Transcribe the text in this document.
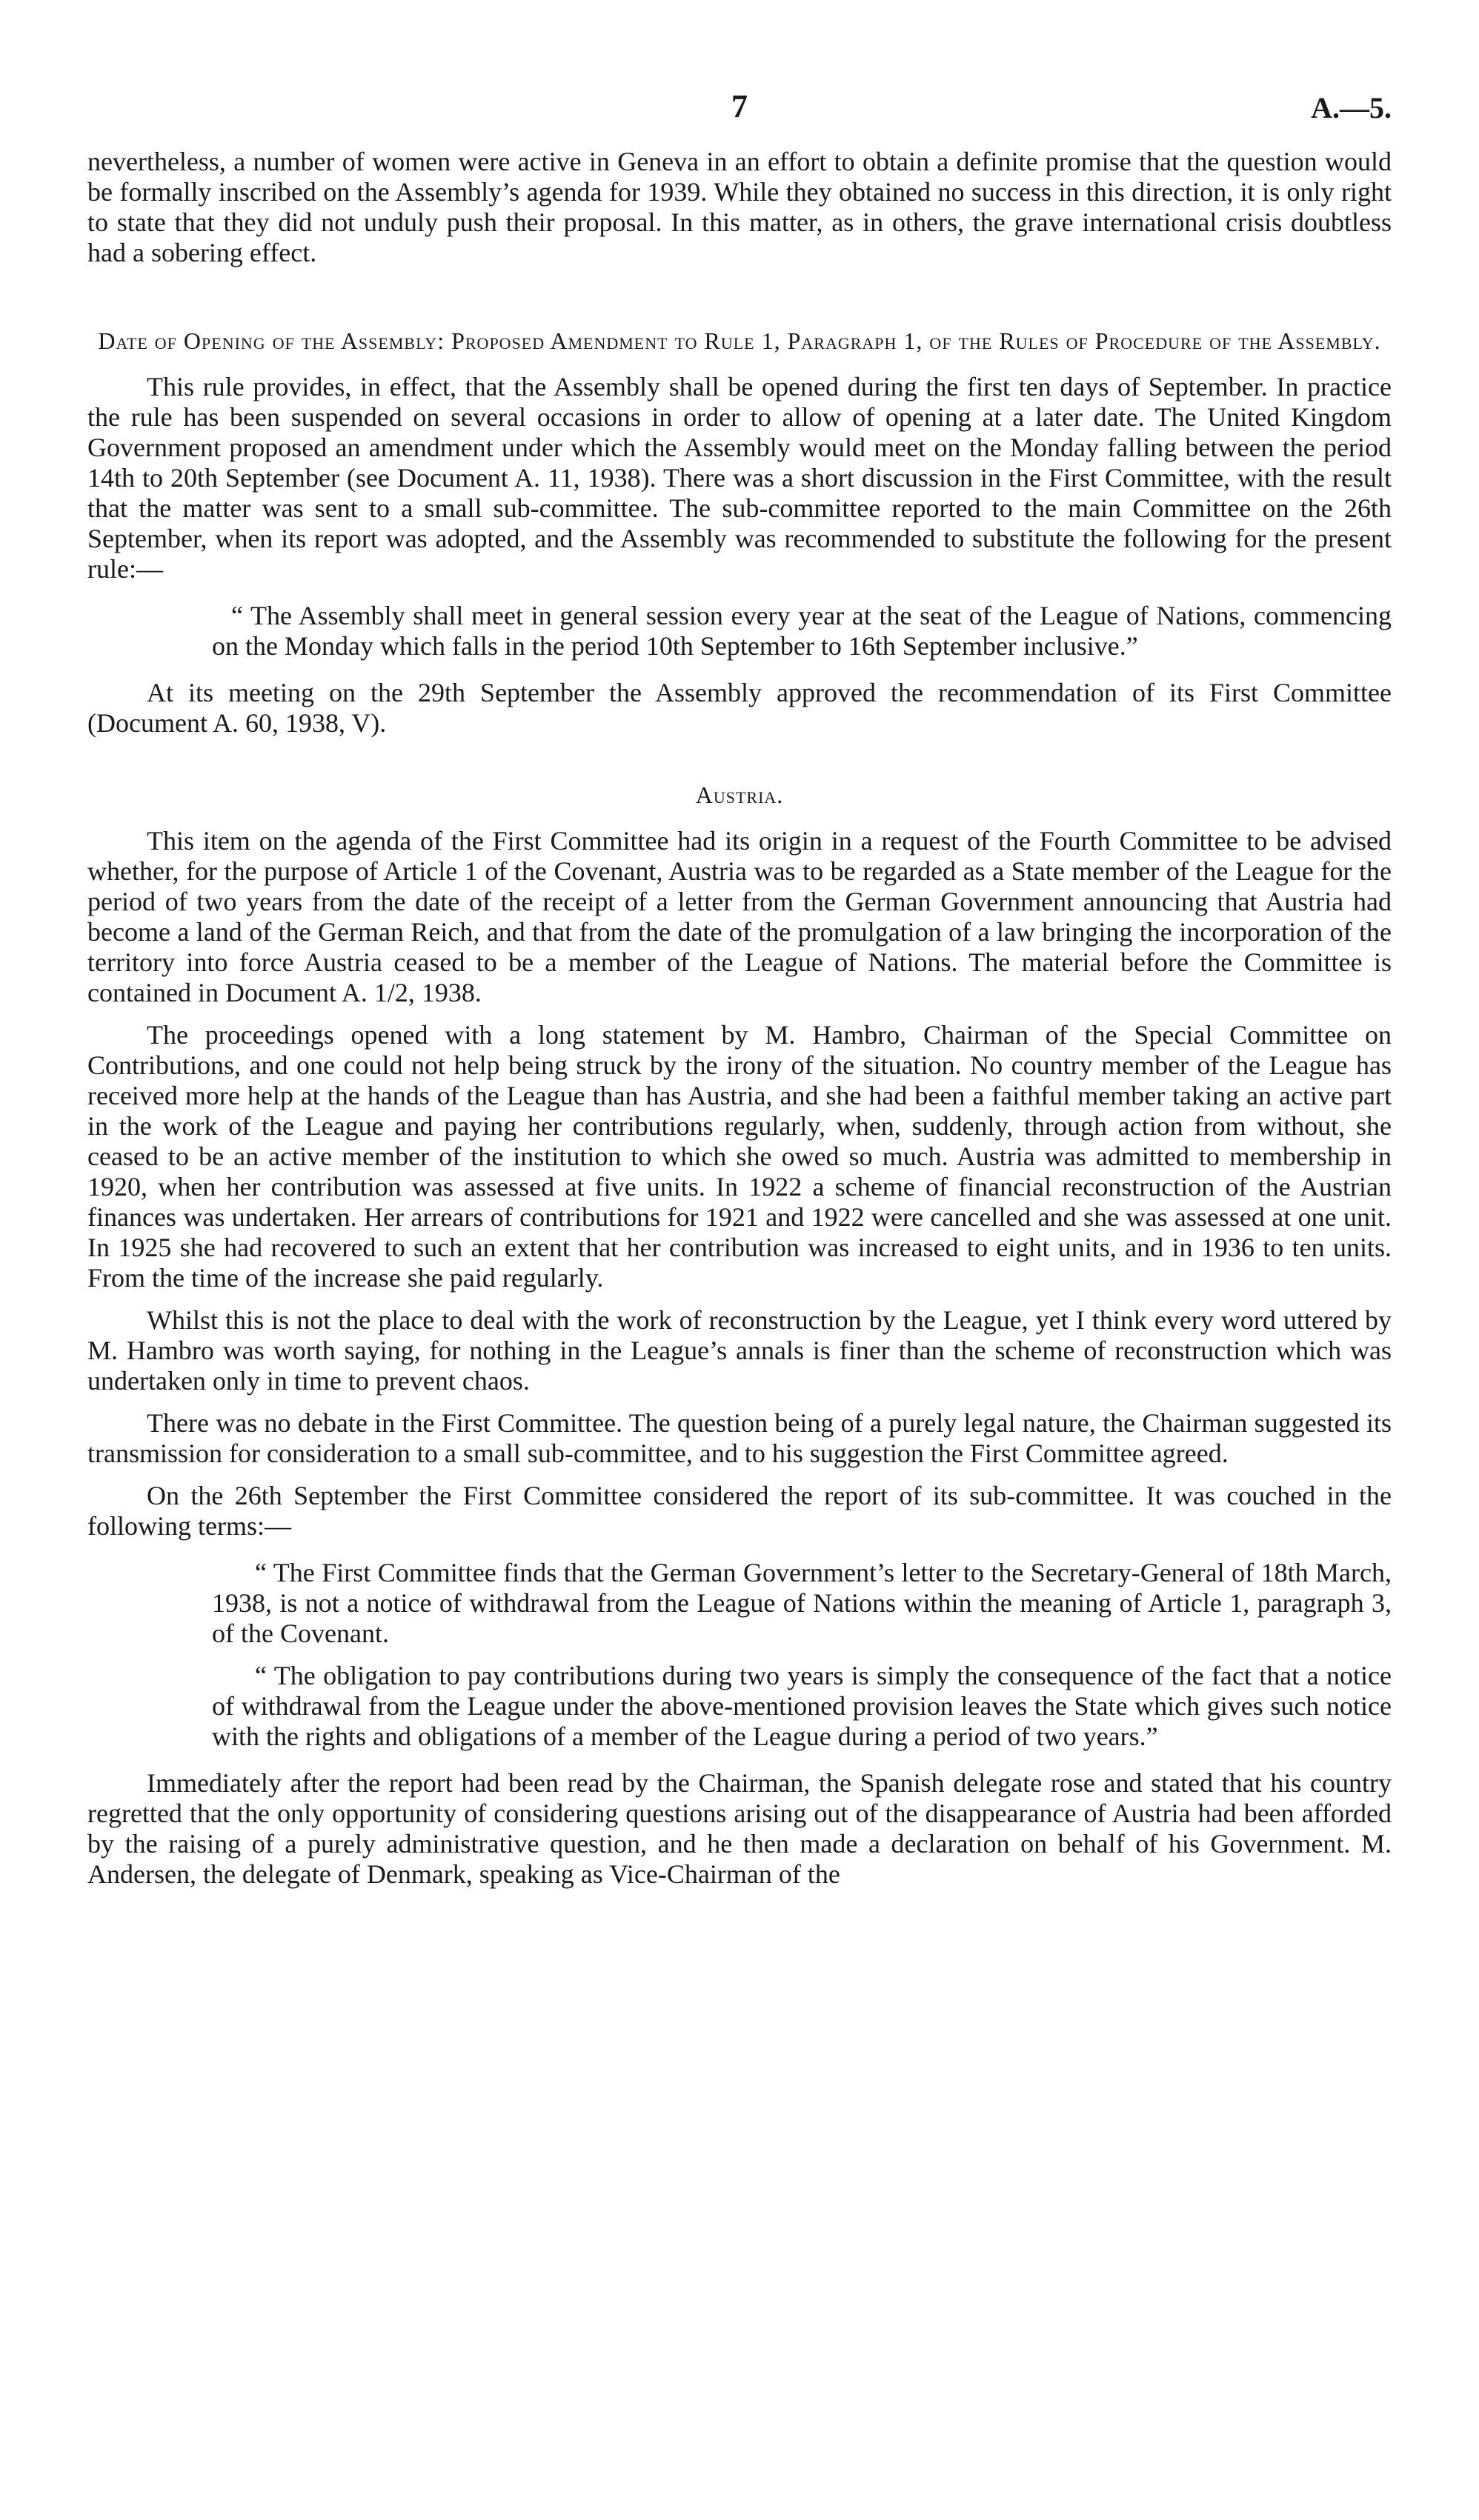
7	A.—5.

nevertheless, a number of women were active in Geneva in an effort to obtain a definite promise that the question would be formally inscribed on the Assembly’s agenda for 1939. While they obtained no success in this direction, it is only right to state that they did not unduly push their proposal. In this matter, as in others, the grave international crisis doubtless had a sobering effect.

Date of Opening of the Assembly: Proposed Amendment to Rule 1, Paragraph 1, of the Rules of Procedure of the Assembly.

This rule provides, in effect, that the Assembly shall be opened during the first ten days of September. In practice the rule has been suspended on several occasions in order to allow of opening at a later date. The United Kingdom Government proposed an amendment under which the Assembly would meet on the Monday falling between the period 14th to 20th September (see Document A. 11, 1938). There was a short discussion in the First Committee, with the result that the matter was sent to a small sub-committee. The sub-committee reported to the main Committee on the 26th September, when its report was adopted, and the Assembly was recommended to substitute the following for the present rule:—

“ The Assembly shall meet in general session every year at the seat of the League of Nations, commencing on the Monday which falls in the period 10th September to 16th September inclusive.”

At its meeting on the 29th September the Assembly approved the recommendation of its First Committee (Document A. 60, 1938, V).

Austria.

This item on the agenda of the First Committee had its origin in a request of the Fourth Committee to be advised whether, for the purpose of Article 1 of the Covenant, Austria was to be regarded as a State member of the League for the period of two years from the date of the receipt of a letter from the German Government announcing that Austria had become a land of the German Reich, and that from the date of the promulgation of a law bringing the incorporation of the territory into force Austria ceased to be a member of the League of Nations. The material before the Committee is contained in Document A. 1/2, 1938.

The proceedings opened with a long statement by M. Hambro, Chairman of the Special Committee on Contributions, and one could not help being struck by the irony of the situation. No country member of the League has received more help at the hands of the League than has Austria, and she had been a faithful member taking an active part in the work of the League and paying her contributions regularly, when, suddenly, through action from without, she ceased to be an active member of the institution to which she owed so much. Austria was admitted to membership in 1920, when her contribution was assessed at five units. In 1922 a scheme of financial reconstruction of the Austrian finances was undertaken. Her arrears of contributions for 1921 and 1922 were cancelled and she was assessed at one unit. In 1925 she had recovered to such an extent that her contribution was increased to eight units, and in 1936 to ten units. From the time of the increase she paid regularly.

Whilst this is not the place to deal with the work of reconstruction by the League, yet I think every word uttered by M. Hambro was worth saying, for nothing in the League’s annals is finer than the scheme of reconstruction which was undertaken only in time to prevent chaos.

There was no debate in the First Committee. The question being of a purely legal nature, the Chairman suggested its transmission for consideration to a small sub-committee, and to his suggestion the First Committee agreed.

On the 26th September the First Committee considered the report of its sub-committee. It was couched in the following terms:—

“ The First Committee finds that the German Government’s letter to the Secretary-General of 18th March, 1938, is not a notice of withdrawal from the League of Nations within the meaning of Article 1, paragraph 3, of the Covenant.

“ The obligation to pay contributions during two years is simply the consequence of the fact that a notice of withdrawal from the League under the above-mentioned provision leaves the State which gives such notice with the rights and obligations of a member of the League during a period of two years.”

Immediately after the report had been read by the Chairman, the Spanish delegate rose and stated that his country regretted that the only opportunity of considering questions arising out of the disappearance of Austria had been afforded by the raising of a purely administrative question, and he then made a declaration on behalf of his Government. M. Andersen, the delegate of Denmark, speaking as Vice-Chairman of the
